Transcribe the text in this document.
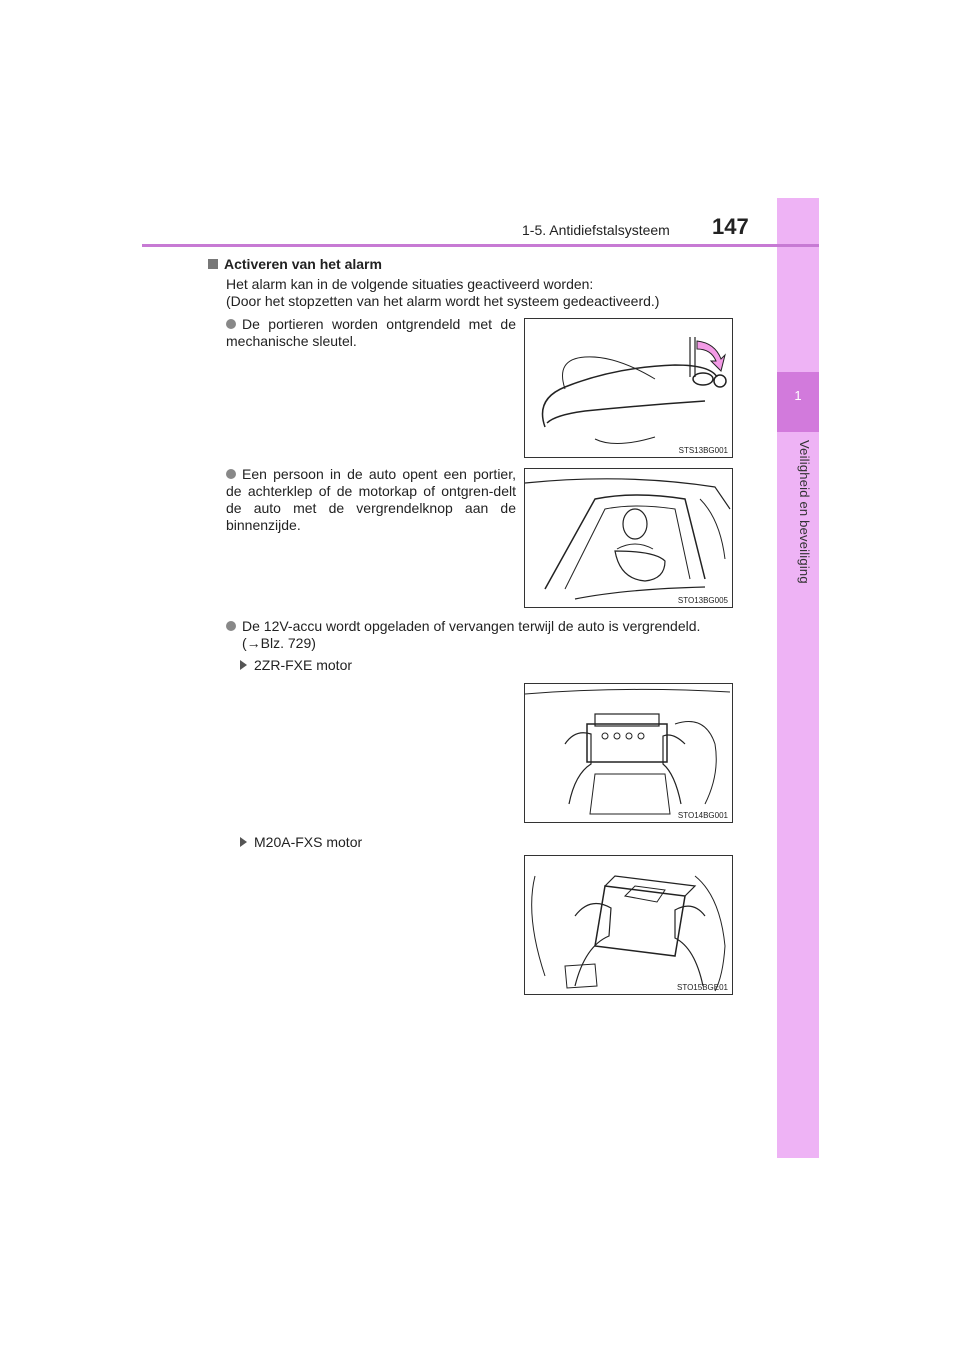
1
Veiligheid en beveiliging
1-5. Antidiefstalsysteem 147
Activeren van het alarm
Het alarm kan in de volgende situaties geactiveerd worden:
(Door het stopzetten van het alarm wordt het systeem gedeactiveerd.)
De portieren worden ontgrendeld met de mechanische sleutel.
STS13BG001
Een persoon in de auto opent een portier, de achterklep of de motorkap of ontgren-delt de auto met de vergrendelknop aan de binnenzijde.
STO13BG005
De 12V-accu wordt opgeladen of vervangen terwijl de auto is vergrendeld.
(→Blz. 729)
2ZR-FXE motor
STO14BG001
M20A-FXS motor
STO15BGE01
